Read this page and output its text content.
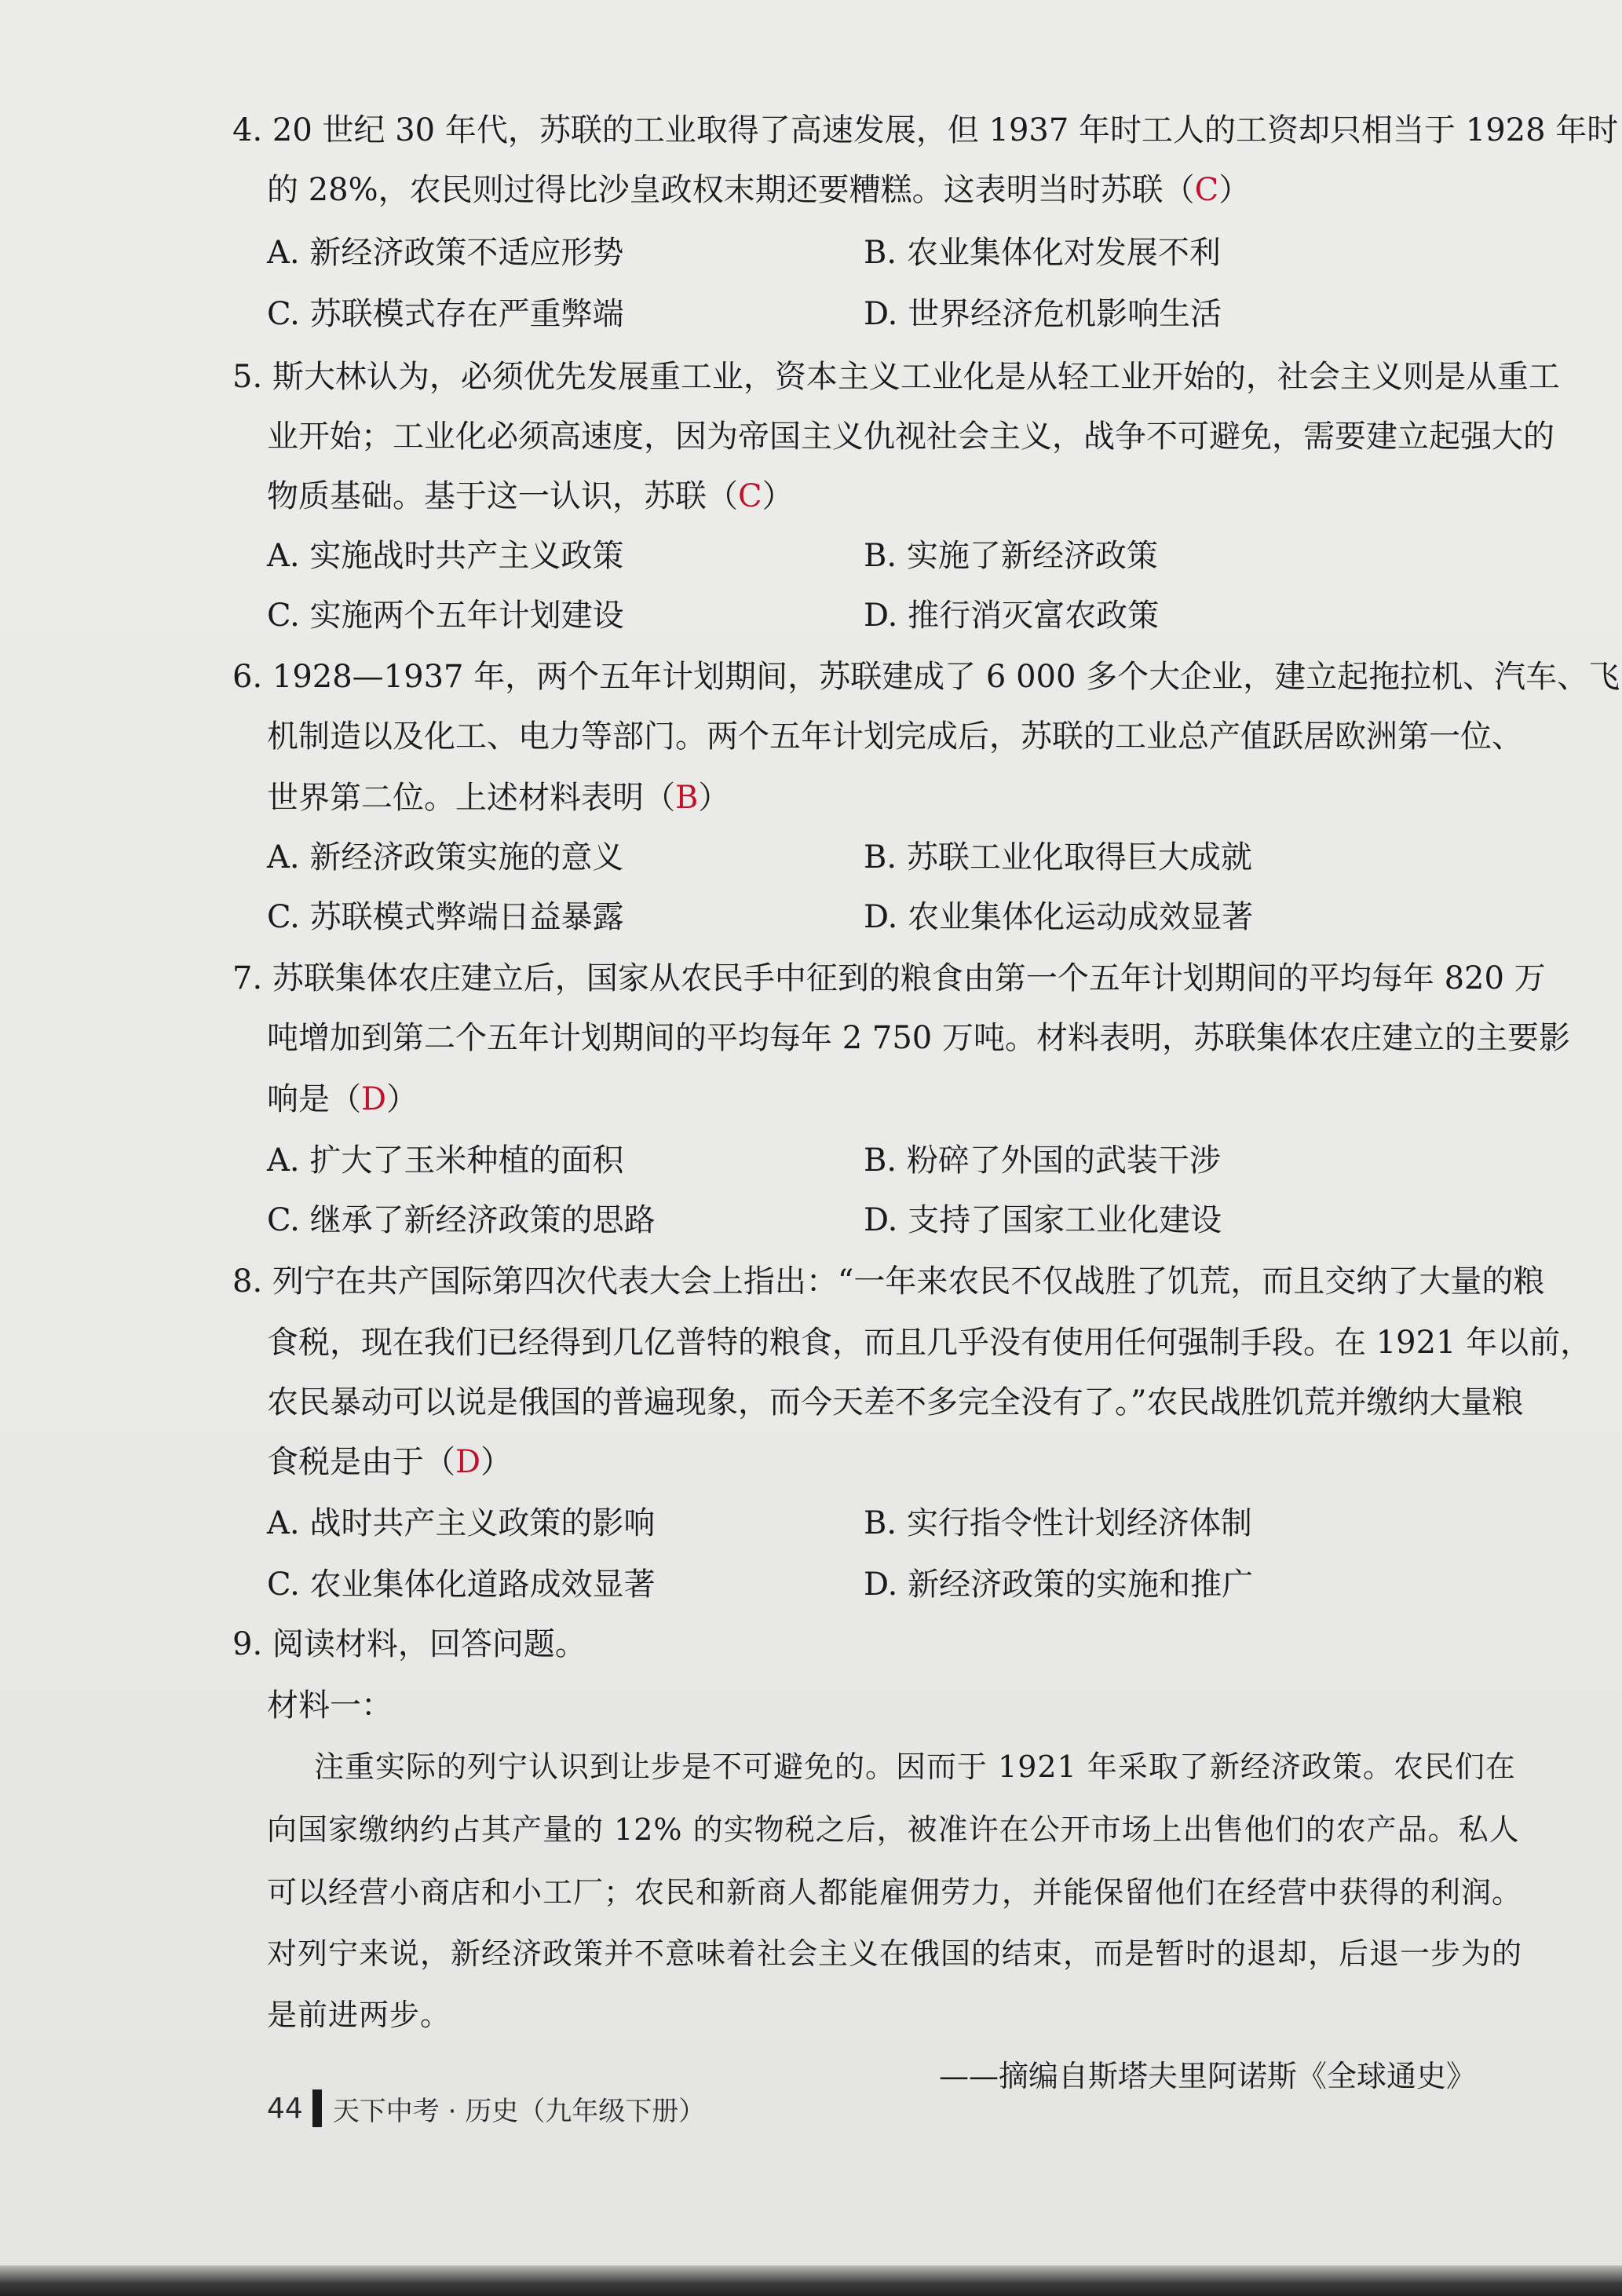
4. 20 世纪 30 年代，苏联的工业取得了高速发展，但 1937 年时工人的工资却只相当于 1928 年时
的 28%，农民则过得比沙皇政权末期还要糟糕。这表明当时苏联（C）
A. 新经济政策不适应形势	B. 农业集体化对发展不利
C. 苏联模式存在严重弊端	D. 世界经济危机影响生活
5. 斯大林认为，必须优先发展重工业，资本主义工业化是从轻工业开始的，社会主义则是从重工
业开始；工业化必须高速度，因为帝国主义仇视社会主义，战争不可避免，需要建立起强大的
物质基础。基于这一认识，苏联（C）
A. 实施战时共产主义政策	B. 实施了新经济政策
C. 实施两个五年计划建设	D. 推行消灭富农政策
6. 1928—1937 年，两个五年计划期间，苏联建成了 6 000 多个大企业，建立起拖拉机、汽车、飞
机制造以及化工、电力等部门。两个五年计划完成后，苏联的工业总产值跃居欧洲第一位、
世界第二位。上述材料表明（B）
A. 新经济政策实施的意义	B. 苏联工业化取得巨大成就
C. 苏联模式弊端日益暴露	D. 农业集体化运动成效显著
7. 苏联集体农庄建立后，国家从农民手中征到的粮食由第一个五年计划期间的平均每年 820 万
吨增加到第二个五年计划期间的平均每年 2 750 万吨。材料表明，苏联集体农庄建立的主要影
响是（D）
A. 扩大了玉米种植的面积	B. 粉碎了外国的武装干涉
C. 继承了新经济政策的思路	D. 支持了国家工业化建设
8. 列宁在共产国际第四次代表大会上指出：“一年来农民不仅战胜了饥荒，而且交纳了大量的粮
食税，现在我们已经得到几亿普特的粮食，而且几乎没有使用任何强制手段。在 1921 年以前，
农民暴动可以说是俄国的普遍现象，而今天差不多完全没有了。”农民战胜饥荒并缴纳大量粮
食税是由于（D）
A. 战时共产主义政策的影响	B. 实行指令性计划经济体制
C. 农业集体化道路成效显著	D. 新经济政策的实施和推广
9. 阅读材料，回答问题。
材料一：
注重实际的列宁认识到让步是不可避免的。因而于 1921 年采取了新经济政策。农民们在
向国家缴纳约占其产量的 12% 的实物税之后，被准许在公开市场上出售他们的农产品。私人
可以经营小商店和小工厂；农民和新商人都能雇佣劳力，并能保留他们在经营中获得的利润。
对列宁来说，新经济政策并不意味着社会主义在俄国的结束，而是暂时的退却，后退一步为的
是前进两步。
——摘编自斯塔夫里阿诺斯《全球通史》
44 天下中考 · 历史（九年级下册）
